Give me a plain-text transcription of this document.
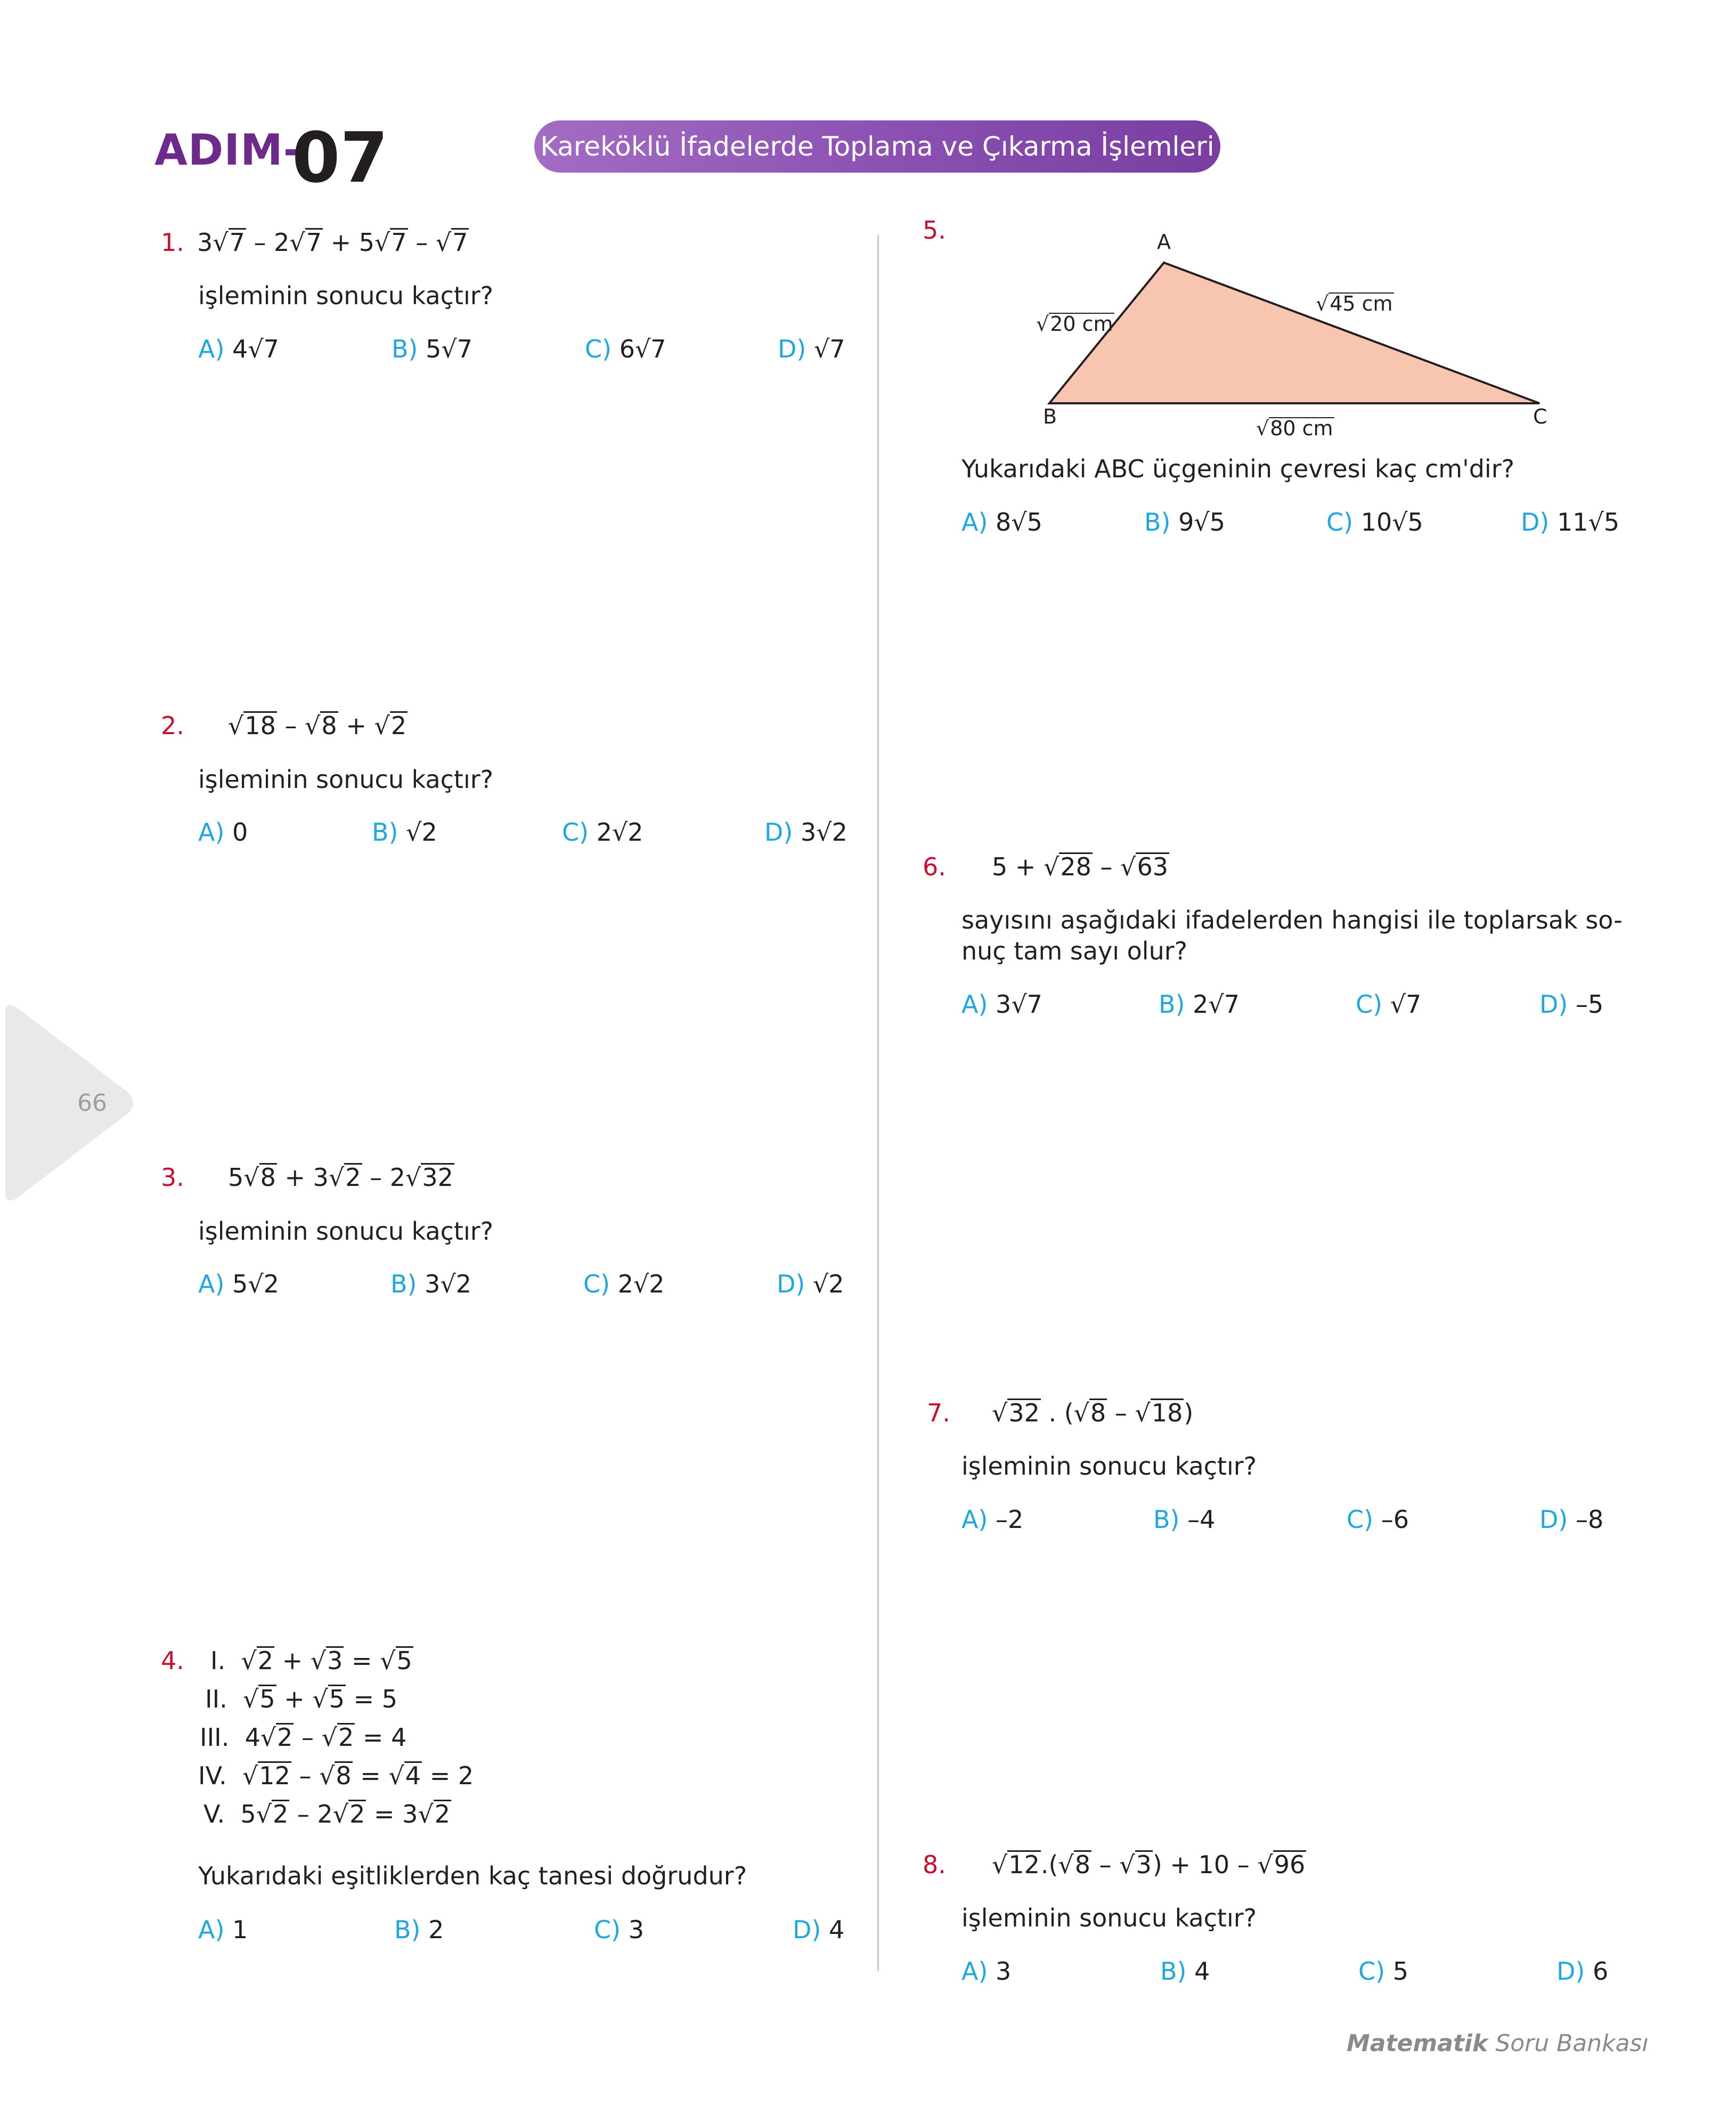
ADIM-
07	Kareköklü İfadelerde Toplama ve Çıkarma İşlemleri
66
1. 3√7 – 2√7 + 5√7 – √7
işleminin sonucu kaçtır?
A) 4√7	B) 5√7	C) 6√7	D) √7
2. √18 – √8 + √2
işleminin sonucu kaçtır?
A) 0	B) √2	C) 2√2	D) 3√2
3. 5√8 + 3√2 – 2√32
işleminin sonucu kaçtır?
A) 5√2	B) 3√2	C) 2√2	D) √2
4. I. √2 + √3 = √5
II. √5 + √5 = 5
III.  4√2 – √2 = 4
IV. √12 – √8 = √4 = 2
V.  5√2 – 2√2 = 3√2
Yukarıdaki eşitliklerden kaç tanesi doğrudur?
A) 1	B) 2	C) 3	D) 4
5.	A
B	C
√20 cm
√45 cm
√80 cm
Yukarıdaki ABC üçgeninin çevresi kaç cm'dir?
A) 8√5	B) 9√5	C) 10√5	D) 11√5
6. 5 + √28 – √63
sayısını aşağıdaki ifadelerden hangisi ile toplarsak so-
nuç tam sayı olur?
A) 3√7	B) 2√7	C) √7	D) –5
7. √32 . (√8 – √18)
işleminin sonucu kaçtır?
A) –2	B) –4	C) –6	D) –8
8. √12.(√8 – √3) + 10 – √96
işleminin sonucu kaçtır?
A) 3	B) 4	C) 5	D) 6
Matematik Soru Bankası
